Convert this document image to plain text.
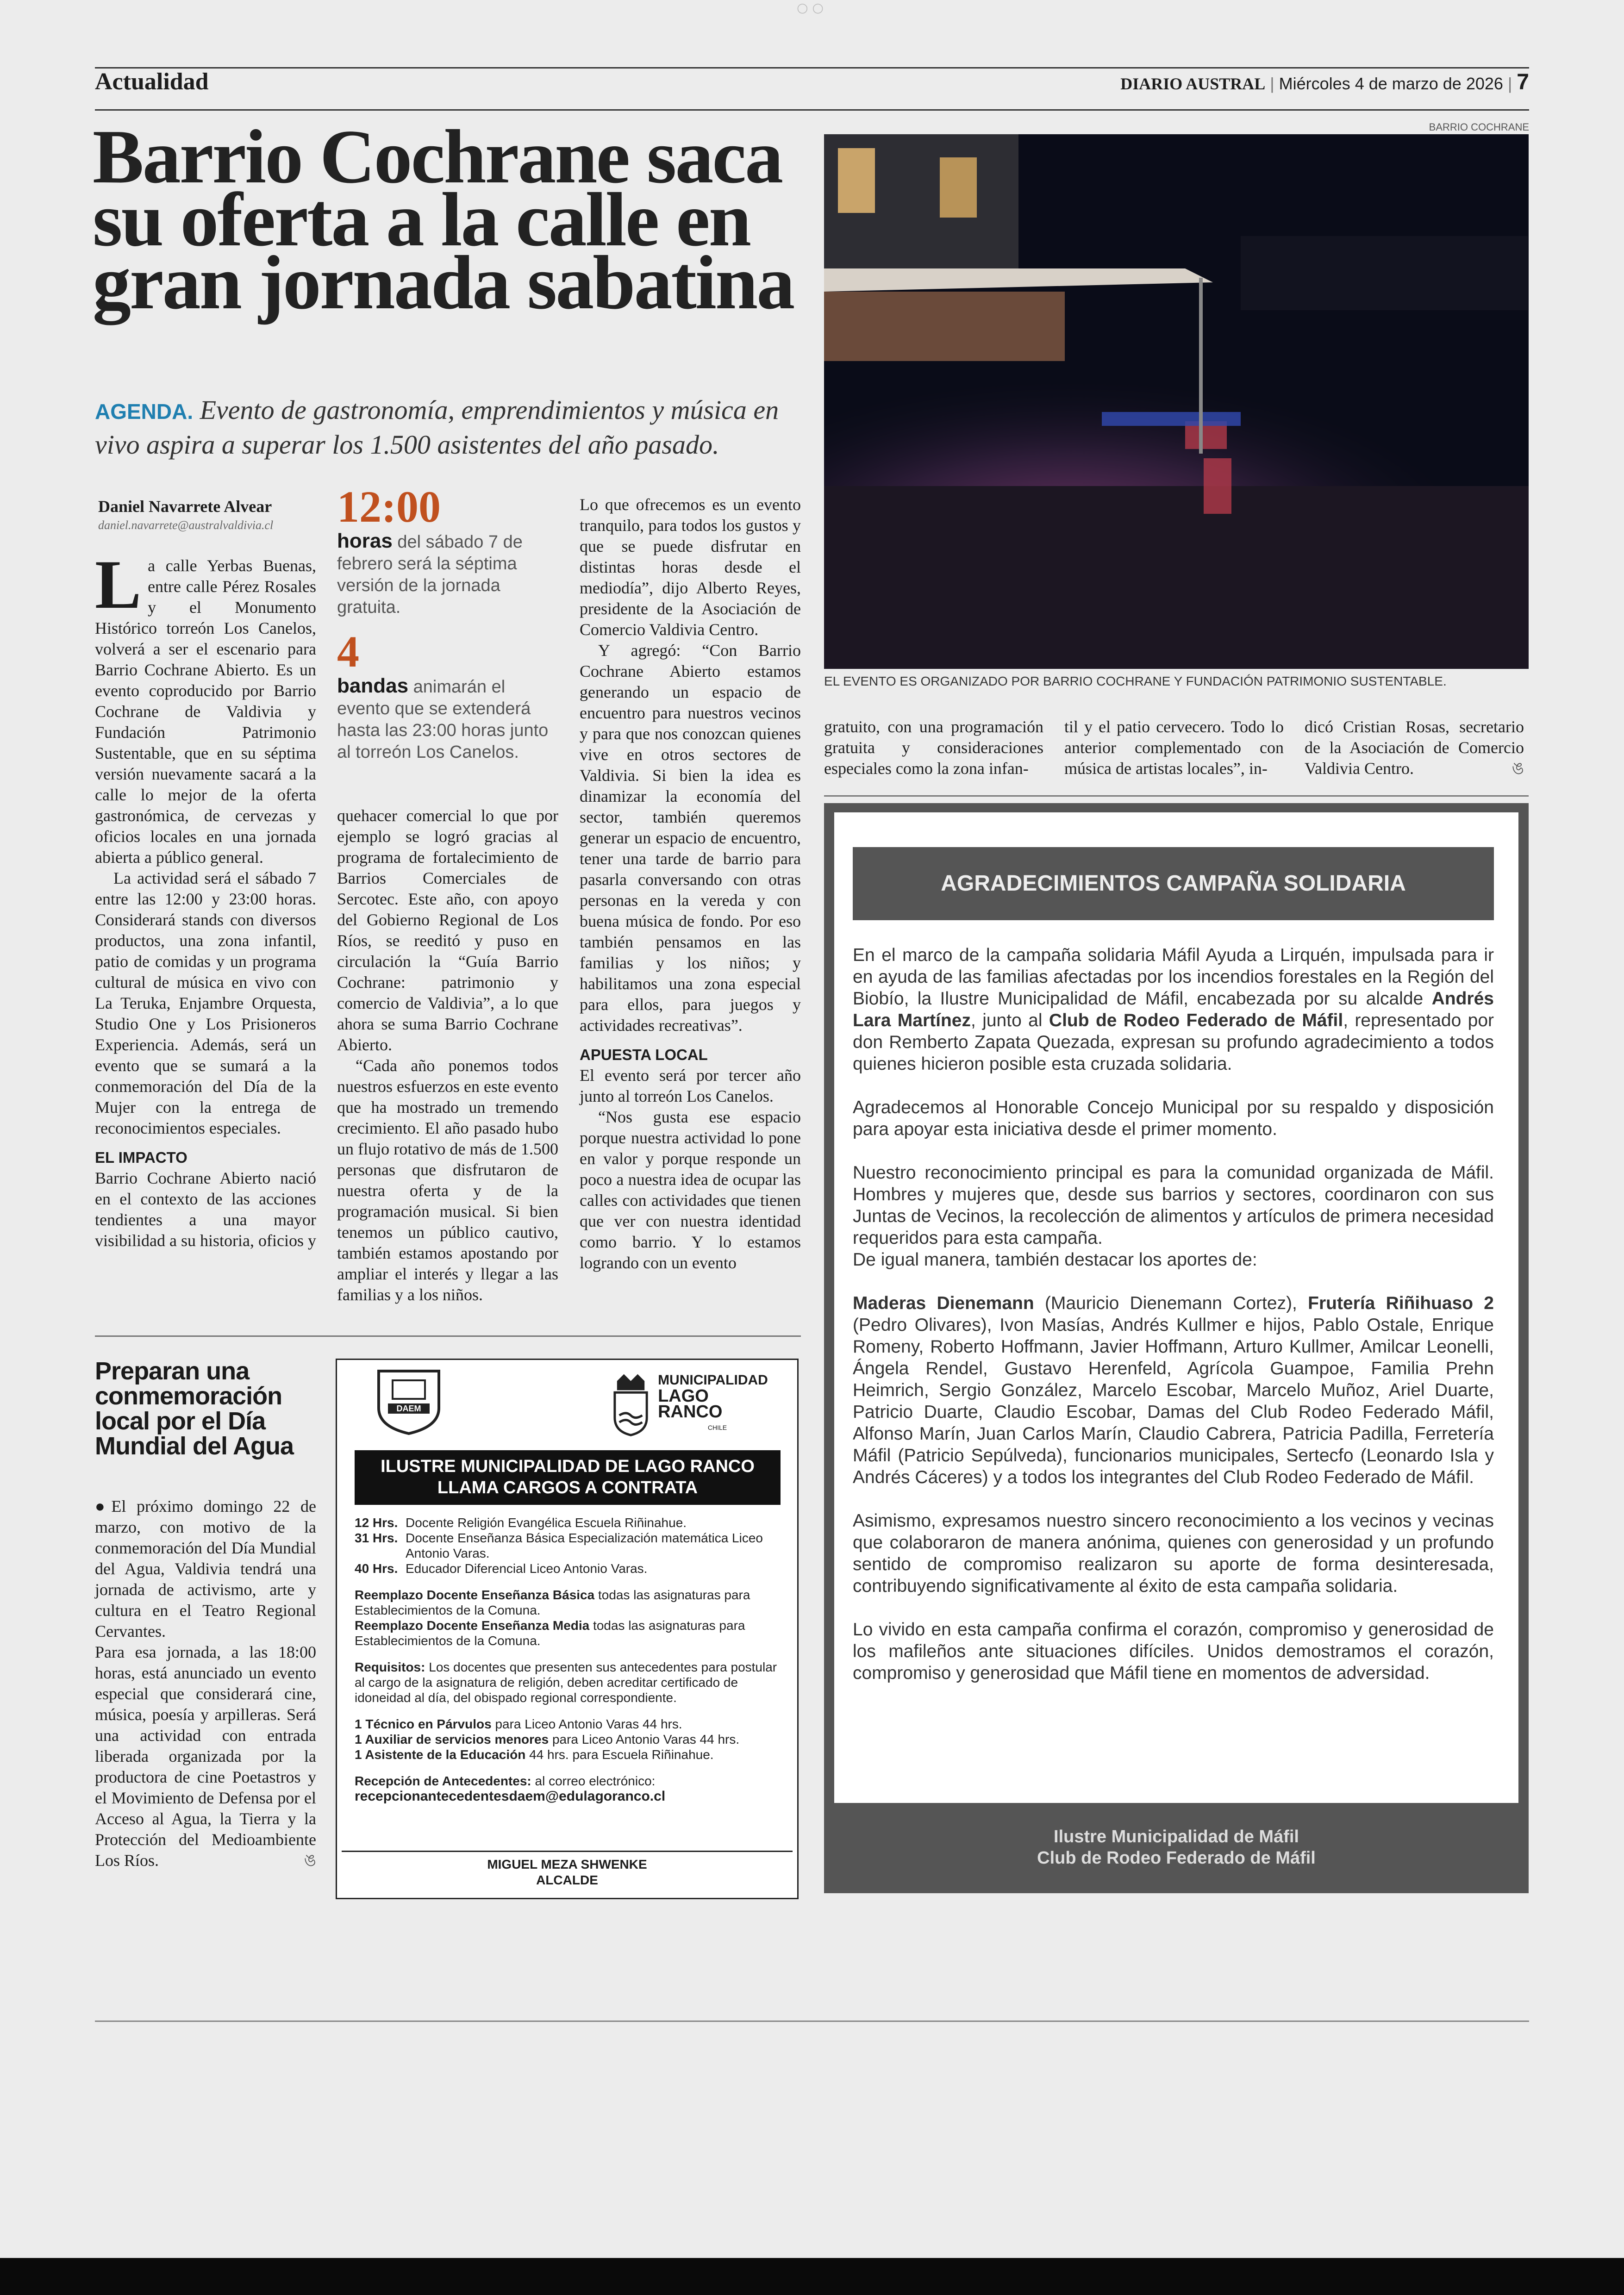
○ ○
Actualidad	DIARIO AUSTRAL | Miércoles 4 de marzo de 2026 | 7
Barrio Cochrane saca su oferta a la calle en gran jornada sabatina
AGENDA. Evento de gastronomía, emprendimientos y música en vivo aspira a superar los 1.500 asistentes del año pasado.
Daniel Navarrete Alvear
daniel.navarrete@australvaldivia.cl

La calle Yerbas Buenas, entre calle Pérez Rosales y el Monumento Histórico torreón Los Canelos, volverá a ser el escenario para Barrio Cochrane Abierto. Es un evento coproducido por Barrio Cochrane de Valdivia y Fundación Patrimonio Sustentable, que en su séptima versión nuevamente sacará a la calle lo mejor de la oferta gastronómica, de cervezas y oficios locales en una jornada abierta a público general.

La actividad será el sábado 7 entre las 12:00 y 23:00 horas. Considerará stands con diversos productos, una zona infantil, patio de comidas y un programa cultural de música en vivo con La Teruka, Enjambre Orquesta, Studio One y Los Prisioneros Experiencia. Además, será un evento que se sumará a la conmemoración del Día de la Mujer con la entrega de reconocimientos especiales.

EL IMPACTO

Barrio Cochrane Abierto nació en el contexto de las acciones tendientes a una mayor visibilidad a su historia, oficios y

12:00
horas del sábado 7 de febrero será la séptima versión de la jornada gratuita.
4
bandas animarán el evento que se extenderá hasta las 23:00 horas junto al torreón Los Canelos.

quehacer comercial lo que por ejemplo se logró gracias al programa de fortalecimiento de Barrios Comerciales de Sercotec. Este año, con apoyo del Gobierno Regional de Los Ríos, se reeditó y puso en circulación la “Guía Barrio Cochrane: patrimonio y comercio de Valdivia”, a lo que ahora se suma Barrio Cochrane Abierto.

“Cada año ponemos todos nuestros esfuerzos en este evento que ha mostrado un tremendo crecimiento. El año pasado hubo un flujo rotativo de más de 1.500 personas que disfrutaron de nuestra oferta y de la programación musical. Si bien tenemos un público cautivo, también estamos apostando por ampliar el interés y llegar a las familias y a los niños.

Lo que ofrecemos es un evento tranquilo, para todos los gustos y que se puede disfrutar en distintas horas desde el mediodía”, dijo Alberto Reyes, presidente de la Asociación de Comercio Valdivia Centro.

Y agregó: “Con Barrio Cochrane Abierto estamos generando un espacio de encuentro para nuestros vecinos y para que nos conozcan quienes vive en otros sectores de Valdivia. Si bien la idea es dinamizar la economía del sector, también queremos generar un espacio de encuentro, tener una tarde de barrio para pasarla conversando con otras personas en la vereda y con buena música de fondo. Por eso también pensamos en las familias y los niños; y habilitamos una zona especial para ellos, para juegos y actividades recreativas”.

APUESTA LOCAL

El evento será por tercer año junto al torreón Los Canelos.

“Nos gusta ese espacio porque nuestra actividad lo pone en valor y porque responde un poco a nuestra idea de ocupar las calles con actividades que tienen que ver con nuestra identidad como barrio. Y lo estamos logrando con un evento

BARRIO COCHRANE
EL EVENTO ES ORGANIZADO POR BARRIO COCHRANE Y FUNDACIÓN PATRIMONIO SUSTENTABLE.

gratuito, con una programación gratuita y consideraciones especiales como la zona infan-

til y el patio cervecero. Todo lo anterior complementado con música de artistas locales”, in-

dicó Cristian Rosas, secretario de la Asociación de Comercio Valdivia Centro.	ঙ

Preparan una conmemoración local por el Día Mundial del Agua

●El próximo domingo 22 de marzo, con motivo de la conmemoración del Día Mundial del Agua, Valdivia tendrá una jornada de activismo, arte y cultura en el Teatro Regional Cervantes.

Para esa jornada, a las 18:00 horas, está anunciado un evento especial que considerará cine, música, poesía y arpilleras. Será una actividad con entrada liberada organizada por la productora de cine Poetastros y el Movimiento de Defensa por el Acceso al Agua, la Tierra y la Protección del Medioambiente Los Ríos.	ঙ

DAEM
MUNICIPALIDAD
LAGO RANCO
CHILE
ILUSTRE MUNICIPALIDAD DE LAGO RANCO
LLAMA CARGOS A CONTRATA
12 Hrs. Docente Religión Evangélica Escuela Riñinahue.
31 Hrs. Docente Enseñanza Básica Especialización matemática Liceo Antonio Varas.
40 Hrs. Educador Diferencial Liceo Antonio Varas.
Reemplazo Docente Enseñanza Básica todas las asignaturas para Establecimientos de la Comuna.
Reemplazo Docente Enseñanza Media todas las asignaturas para Establecimientos de la Comuna.
Requisitos: Los docentes que presenten sus antecedentes para postular al cargo de la asignatura de religión, deben acreditar certificado de idoneidad al día, del obispado regional correspondiente.
1 Técnico en Párvulos para Liceo Antonio Varas 44 hrs.
1 Auxiliar de servicios menores para Liceo Antonio Varas 44 hrs.
1 Asistente de la Educación 44 hrs. para Escuela Riñinahue.
Recepción de Antecedentes: al correo electrónico:
recepcionantecedentesdaem@edulagoranco.cl
MIGUEL MEZA SHWENKE
ALCALDE
AGRADECIMIENTOS CAMPAÑA SOLIDARIA

En el marco de la campaña solidaria Máfil Ayuda a Lirquén, impulsada para ir en ayuda de las familias afectadas por los incendios forestales en la Región del Biobío, la Ilustre Municipalidad de Máfil, encabezada por su alcalde Andrés Lara Martínez, junto al Club de Rodeo Federado de Máfil, representado por don Remberto Zapata Quezada, expresan su profundo agradecimiento a todos quienes hicieron posible esta cruzada solidaria.

Agradecemos al Honorable Concejo Municipal por su respaldo y disposición para apoyar esta iniciativa desde el primer momento.

Nuestro reconocimiento principal es para la comunidad organizada de Máfil. Hombres y mujeres que, desde sus barrios y sectores, coordinaron con sus Juntas de Vecinos, la recolección de alimentos y artículos de primera necesidad requeridos para esta campaña.

De igual manera, también destacar los aportes de:

Maderas Dienemann (Mauricio Dienemann Cortez), Frutería Riñihuaso 2 (Pedro Olivares), Ivon Masías, Andrés Kullmer e hijos, Pablo Ostale, Enrique Romeny, Roberto Hoffmann, Javier Hoffmann, Arturo Kullmer, Amilcar Leonelli, Ángela Rendel, Gustavo Herenfeld, Agrícola Guampoe, Familia Prehn Heimrich, Sergio González, Marcelo Escobar, Marcelo Muñoz, Ariel Duarte, Patricio Duarte, Claudio Escobar, Damas del Club Rodeo Federado Máfil, Alfonso Marín, Juan Carlos Marín, Claudio Cabrera, Patricia Padilla, Ferretería Máfil (Patricio Sepúlveda), funcionarios municipales, Sertecfo (Leonardo Isla y Andrés Cáceres) y a todos los integrantes del Club Rodeo Federado de Máfil.

Asimismo, expresamos nuestro sincero reconocimiento a los vecinos y vecinas que colaboraron de manera anónima, quienes con generosidad y un profundo sentido de compromiso realizaron su aporte de forma desinteresada, contribuyendo significativamente al éxito de esta campaña solidaria.

Lo vivido en esta campaña confirma el corazón, compromiso y generosidad de los mafileños ante situaciones difíciles. Unidos demostramos el corazón, compromiso y generosidad que Máfil tiene en momentos de adversidad.

Ilustre Municipalidad de Máfil
Club de Rodeo Federado de Máfil
